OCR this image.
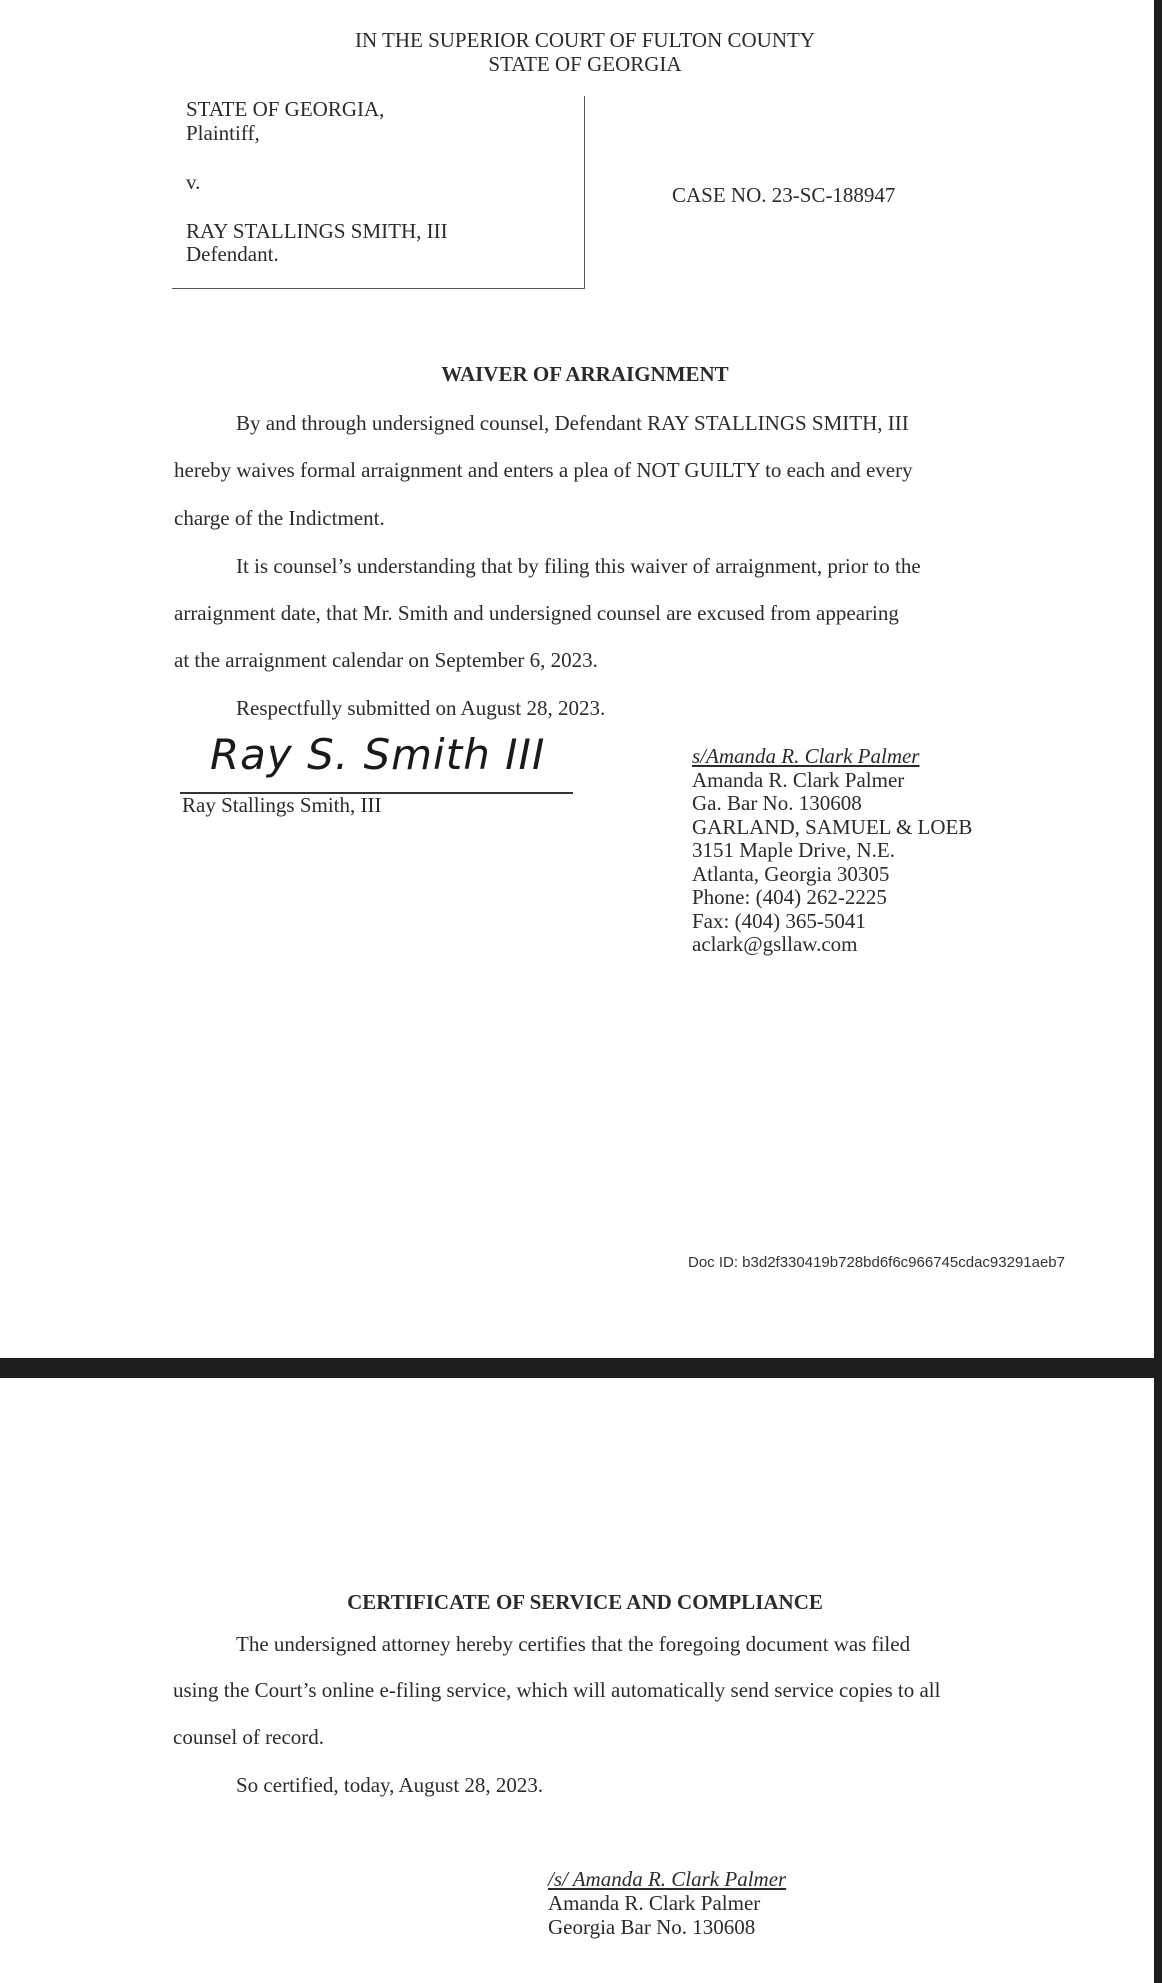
IN THE SUPERIOR COURT OF FULTON COUNTY
STATE OF GEORGIA
STATE OF GEORGIA,
Plaintiff,
v.
RAY STALLINGS SMITH, III
Defendant.
CASE NO. 23-SC-188947
WAIVER OF ARRAIGNMENT
By and through undersigned counsel, Defendant RAY STALLINGS SMITH, III
hereby waives formal arraignment and enters a plea of NOT GUILTY to each and every
charge of the Indictment.
It is counsel’s understanding that by filing this waiver of arraignment, prior to the
arraignment date, that Mr. Smith and undersigned counsel are excused from appearing
at the arraignment calendar on September 6, 2023.
Respectfully submitted on August 28, 2023.
Ray S. Smith III
Ray Stallings Smith, III
s/Amanda R. Clark Palmer
Amanda R. Clark Palmer
Ga. Bar No. 130608
GARLAND, SAMUEL & LOEB
3151 Maple Drive, N.E.
Atlanta, Georgia 30305
Phone: (404) 262-2225
Fax: (404) 365-5041
aclark@gsllaw.com
Doc ID: b3d2f330419b728bd6f6c966745cdac93291aeb7
CERTIFICATE OF SERVICE AND COMPLIANCE
The undersigned attorney hereby certifies that the foregoing document was filed
using the Court’s online e-filing service, which will automatically send service copies to all
counsel of record.
So certified, today, August 28, 2023.
/s/ Amanda R. Clark Palmer
Amanda R. Clark Palmer
Georgia Bar No. 130608
